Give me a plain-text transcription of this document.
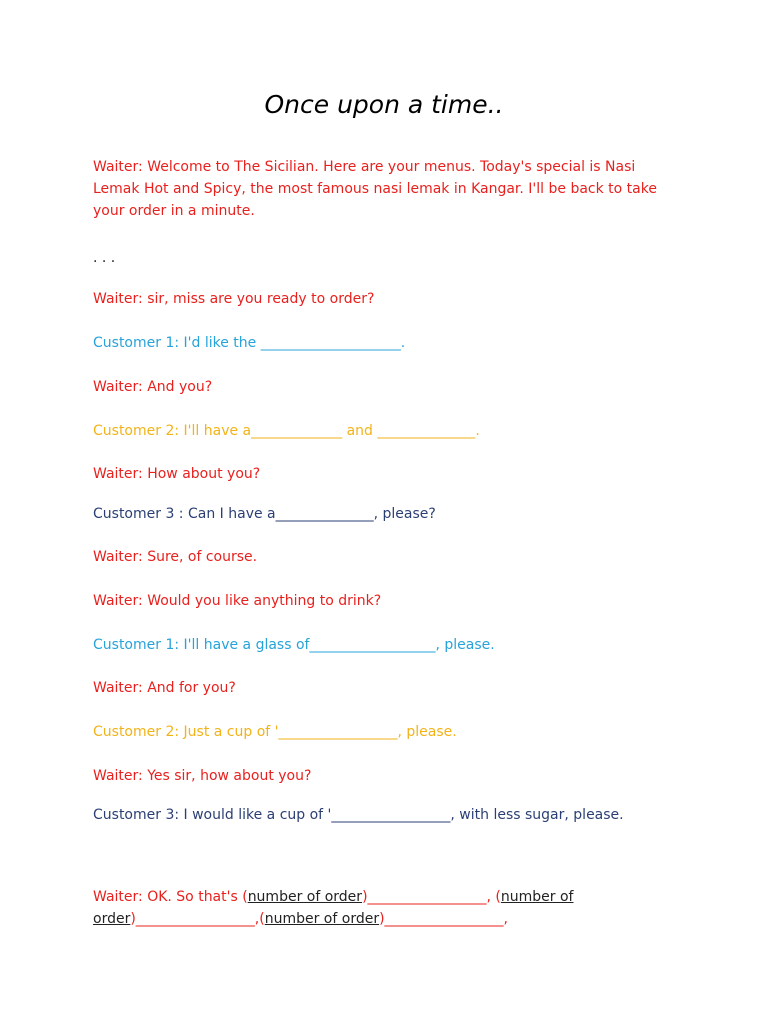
Once upon a time..
Waiter: Welcome to The Sicilian. Here are your menus. Today's special is Nasi Lemak Hot and Spicy, the most famous nasi lemak in Kangar. I'll be back to take your order in a minute.
. . .
Waiter: sir, miss are you ready to order?
Customer 1: I'd like the ____________________.
Waiter: And you?
Customer 2: I'll have a_____________ and ______________.
Waiter: How about you?
Customer 3 : Can I have a______________, please?
Waiter: Sure, of course.
Waiter: Would you like anything to drink?
Customer 1: I'll have a glass of__________________, please.
Waiter: And for you?
Customer 2: Just a cup of '_________________, please.
Waiter: Yes sir, how about you?
Customer 3: I would like a cup of '_________________, with less sugar, please.
Waiter: OK. So that's (number of order)_________________, (number of
order)_________________,(number of order)_________________,
